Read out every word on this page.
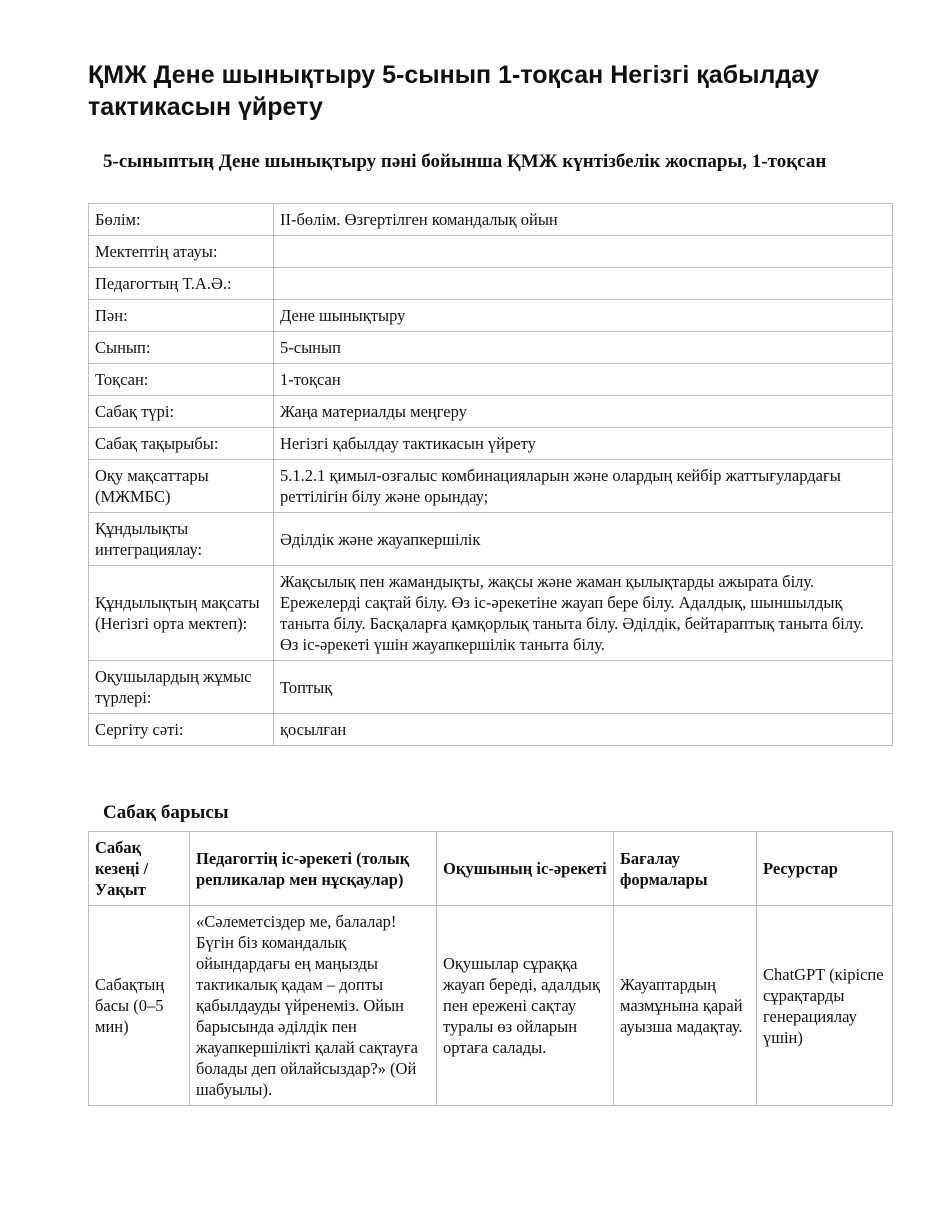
ҚМЖ Дене шынықтыру 5-сынып 1-тоқсан Негізгі қабылдау тактикасын үйрету
5-сыныптың Дене шынықтыру пәні бойынша ҚМЖ күнтізбелік жоспары, 1-тоқсан
Бөлім:	ІІ-бөлім. Өзгертілген командалық ойын
Мектептің атауы:	
Педагогтың Т.А.Ә.:	
Пән:	Дене шынықтыру
Сынып:	5-сынып
Тоқсан:	1-тоқсан
Сабақ түрі:	Жаңа материалды меңгеру
Сабақ тақырыбы:	Негізгі қабылдау тактикасын үйрету
Оқу мақсаттары (МЖМБС)	5.1.2.1 қимыл-озғалыс комбинацияларын және олардың кейбір жаттығулардағы реттілігін білу және орындау;
Құндылықты интеграциялау:	Әділдік және жауапкершілік
Құндылықтың мақсаты (Негізгі орта мектеп):	Жақсылық пен жамандықты, жақсы және жаман қылықтарды ажырата білу. Ережелерді сақтай білу. Өз іс-әрекетіне жауап бере білу. Адалдық, шыншылдық таныта білу. Басқаларға қамқорлық таныта білу. Әділдік, бейтараптық таныта білу. Өз іс-әрекеті үшін жауапкершілік таныта білу.
Оқушылардың жұмыс түрлері:	Топтық
Сергіту сәті:	қосылған
Сабақ барысы
Сабақ кезеңі / Уақыт	Педагогтің іс-әрекеті (толық репликалар мен нұсқаулар)	Оқушының іс-әрекеті	Бағалау формалары	Ресурстар
Сабақтың басы (0–5 мин)	«Сәлеметсіздер ме, балалар! Бүгін біз командалық ойындардағы ең маңызды тактикалық қадам – допты қабылдауды үйренеміз. Ойын барысында әділдік пен жауапкершілікті қалай сақтауға болады деп ойлайсыздар?» (Ой шабуылы).	Оқушылар сұраққа жауап береді, адалдық пен ережені сақтау туралы өз ойларын ортаға салады.	Жауаптардың мазмұнына қарай ауызша мадақтау.	ChatGPT (кіріспе сұрақтарды генерациялау үшін)
